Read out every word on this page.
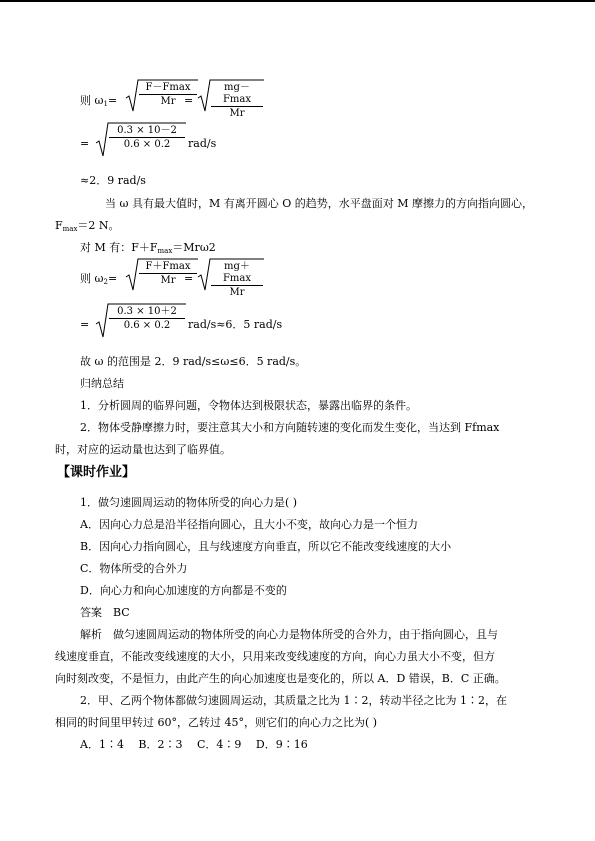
则 $\omega_1=$
F－Fmax
Mr =
mg－Fmax
Mr
=
0.3 × 10－2
0.6 × 0.2	rad/s
≈2．9 rad/s
当 ω 具有最大值时，M 有离开圆心 O 的趋势，水平盘面对 M 摩擦力的方向指向圆心，
$F_{max}=2$ N。
对 M 有：$F+F_{max}=Mr\omega 2$
则 $\omega_2=$
F＋Fmax
Mr =
mg＋Fmax
Mr
=
0.3 × 10＋2
0.6 × 0.2	rad/s≈6．5 rad/s
故 ω 的范围是 2．9 rad/s≤ω≤6．5 rad/s。
归纳总结
1．分析圆周的临界问题，令物体达到极限状态，暴露出临界的条件。
2．物体受静摩擦力时，要注意其大小和方向随转速的变化而发生变化，当达到 Ffmax
时，对应的运动量也达到了临界值。
【课时作业】
1．做匀速圆周运动的物体所受的向心力是( )
A．因向心力总是沿半径指向圆心，且大小不变，故向心力是一个恒力
B．因向心力指向圆心，且与线速度方向垂直，所以它不能改变线速度的大小
C．物体所受的合外力
D．向心力和向心加速度的方向都是不变的
答案　BC
解析　做匀速圆周运动的物体所受的向心力是物体所受的合外力，由于指向圆心，且与
线速度垂直，不能改变线速度的大小，只用来改变线速度的方向，向心力虽大小不变，但方
向时刻改变，不是恒力，由此产生的向心加速度也是变化的，所以 A．D 错误，B．C 正确。
2．甲、乙两个物体都做匀速圆周运动，其质量之比为 1∶2，转动半径之比为 1∶2，在
相同的时间里甲转过 60°，乙转过 45°，则它们的向心力之比为( )
A．1∶4　 B．2∶3　 C．4∶9　 D．9∶16
